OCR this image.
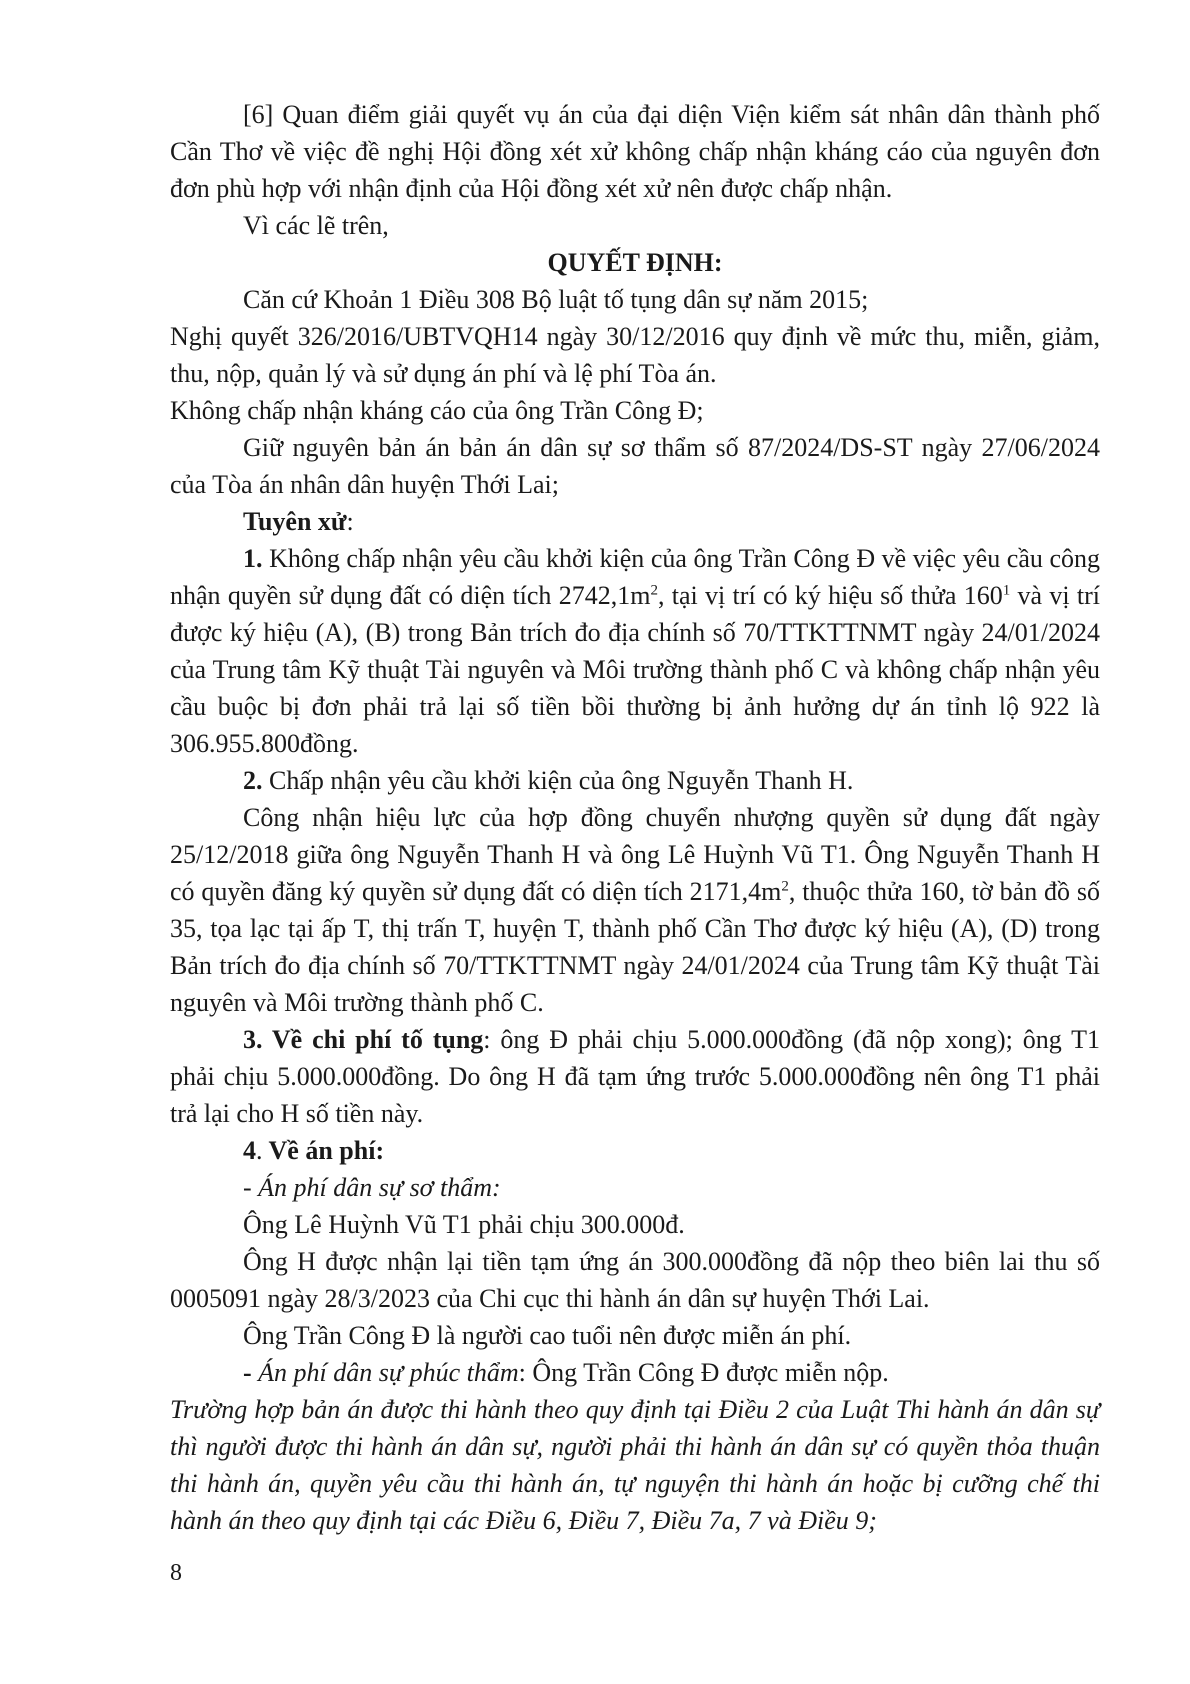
[6] Quan điểm giải quyết vụ án của đại diện Viện kiểm sát nhân dân thành phố Cần Thơ về việc đề nghị Hội đồng xét xử không chấp nhận kháng cáo của nguyên đơn đơn phù hợp với nhận định của Hội đồng xét xử nên được chấp nhận.

Vì các lẽ trên,

QUYẾT ĐỊNH:

Căn cứ Khoản 1 Điều 308 Bộ luật tố tụng dân sự năm 2015;

Nghị quyết 326/2016/UBTVQH14 ngày 30/12/2016 quy định về mức thu, miễn, giảm, thu, nộp, quản lý và sử dụng án phí và lệ phí Tòa án.

Không chấp nhận kháng cáo của ông Trần Công Đ;

Giữ nguyên bản án bản án dân sự sơ thẩm số 87/2024/DS-ST ngày 27/06/2024 của Tòa án nhân dân huyện Thới Lai;

Tuyên xử:

1. Không chấp nhận yêu cầu khởi kiện của ông Trần Công Đ về việc yêu cầu công nhận quyền sử dụng đất có diện tích $2742,1m^2$, tại vị trí có ký hiệu số thửa $160^1$ và vị trí được ký hiệu (A), (B) trong Bản trích đo địa chính số 70/TTKTTNMT ngày 24/01/2024 của Trung tâm Kỹ thuật Tài nguyên và Môi trường thành phố C và không chấp nhận yêu cầu buộc bị đơn phải trả lại số tiền bồi thường bị ảnh hưởng dự án tỉnh lộ 922 là 306.955.800đồng.

2. Chấp nhận yêu cầu khởi kiện của ông Nguyễn Thanh H.

Công nhận hiệu lực của hợp đồng chuyển nhượng quyền sử dụng đất ngày 25/12/2018 giữa ông Nguyễn Thanh H và ông Lê Huỳnh Vũ T1. Ông Nguyễn Thanh H có quyền đăng ký quyền sử dụng đất có diện tích $2171,4m^2$, thuộc thửa 160, tờ bản đồ số 35, tọa lạc tại ấp T, thị trấn T, huyện T, thành phố Cần Thơ được ký hiệu (A), (D) trong Bản trích đo địa chính số 70/TTKTTNMT ngày 24/01/2024 của Trung tâm Kỹ thuật Tài nguyên và Môi trường thành phố C.

3. Về chi phí tố tụng: ông Đ phải chịu 5.000.000đồng (đã nộp xong); ông T1 phải chịu 5.000.000đồng. Do ông H đã tạm ứng trước 5.000.000đồng nên ông T1 phải trả lại cho H số tiền này.

4. Về án phí:

- Án phí dân sự sơ thẩm:

Ông Lê Huỳnh Vũ T1 phải chịu 300.000đ.

Ông H được nhận lại tiền tạm ứng án 300.000đồng đã nộp theo biên lai thu số 0005091 ngày 28/3/2023 của Chi cục thi hành án dân sự huyện Thới Lai.

Ông Trần Công Đ là người cao tuổi nên được miễn án phí.

- Án phí dân sự phúc thẩm: Ông Trần Công Đ được miễn nộp.

Trường hợp bản án được thi hành theo quy định tại Điều 2 của Luật Thi hành án dân sự thì người được thi hành án dân sự, người phải thi hành án dân sự có quyền thỏa thuận thi hành án, quyền yêu cầu thi hành án, tự nguyện thi hành án hoặc bị cưỡng chế thi hành án theo quy định tại các Điều 6, Điều 7, Điều 7a, 7 và Điều 9;

8
